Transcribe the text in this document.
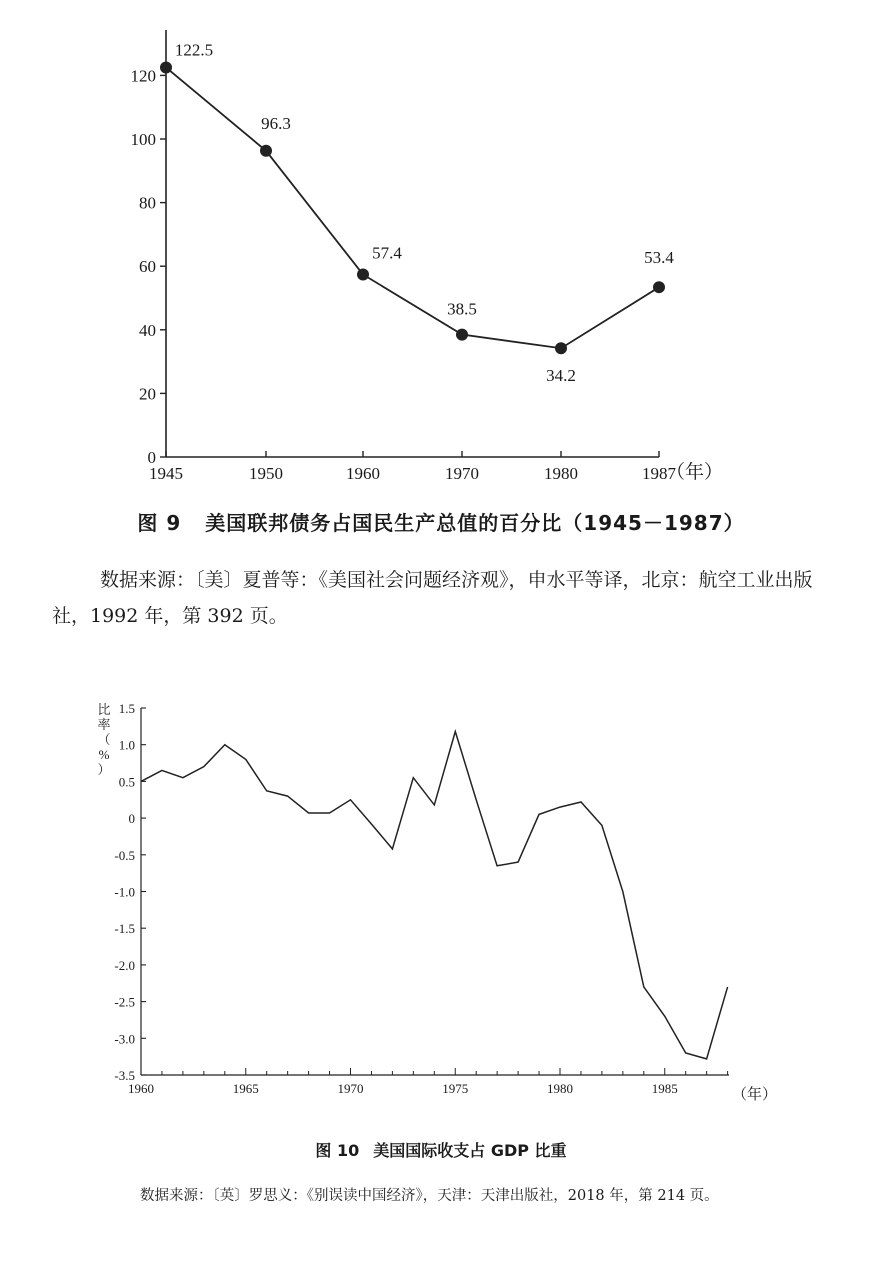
122.5
96.3
57.4
38.5
34.2
53.4
1945	1950	1960	1970	1980	1987
0
20
40
60
80
100
120
（年）
图 9 美国联邦债务占国民生产总值的百分比（1945－1987）
数据来源：〔美〕夏普等：《美国社会问题经济观》，申水平等译，北京：航空工业出版社，1992 年，第 392 页。
1960	1965	1970	1975	1980	1985
1.5
1.0
0.5
0
-0.5
-1.0
-1.5
-2.0
-2.5
-3.0
-3.5
比
率
（
%
）
（年）
图 10 美国国际收支占 GDP 比重
数据来源：〔英〕罗思义：《别误读中国经济》，天津：天津出版社，2018 年，第 214 页。
